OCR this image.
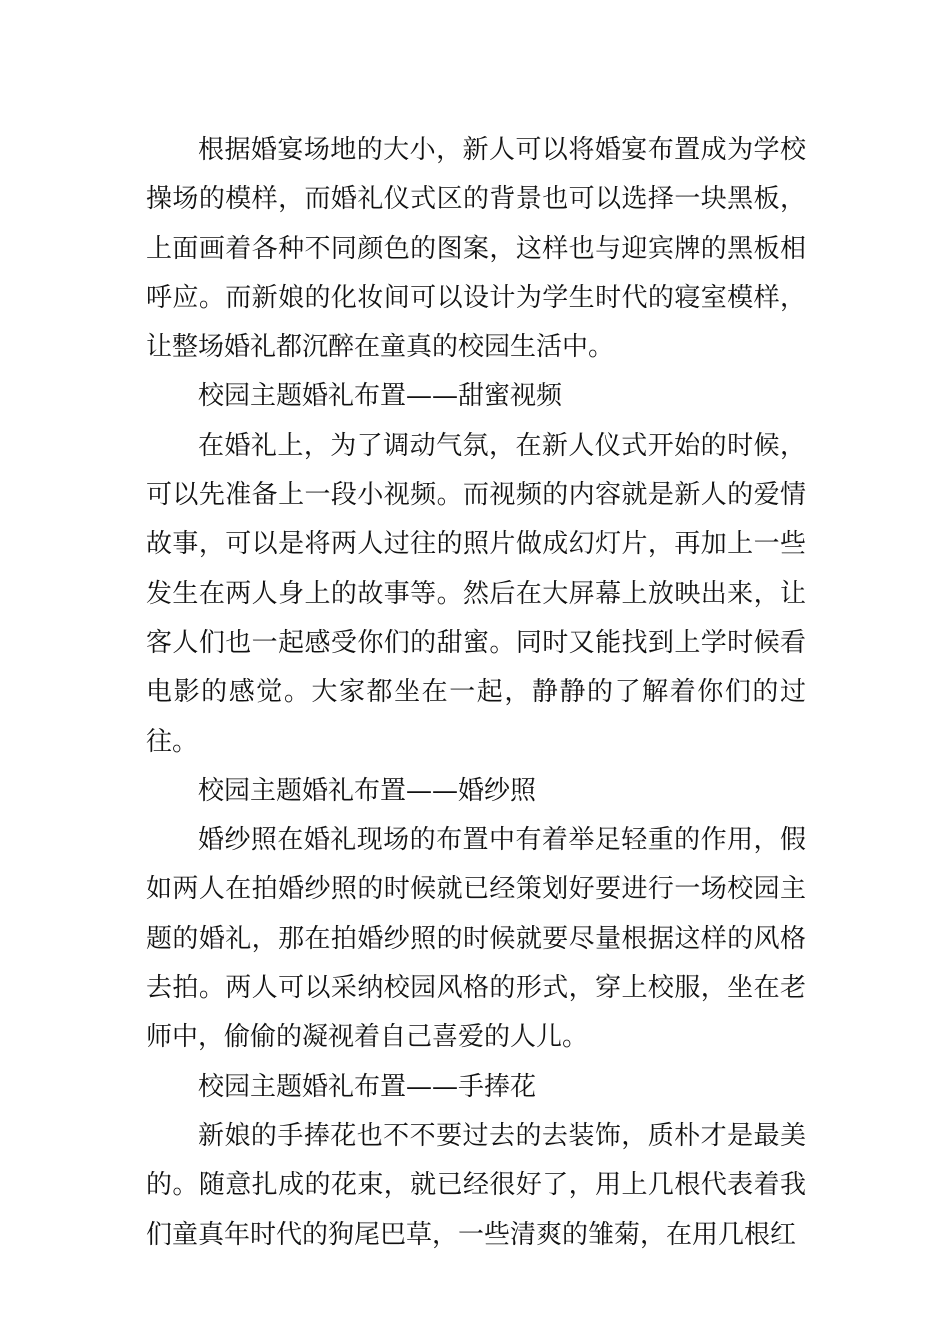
根据婚宴场地的大小，新人可以将婚宴布置成为学校操场的模样，而婚礼仪式区的背景也可以选择一块黑板，上面画着各种不同颜色的图案，这样也与迎宾牌的黑板相呼应。而新娘的化妆间可以设计为学生时代的寝室模样，让整场婚礼都沉醉在童真的校园生活中。

校园主题婚礼布置——甜蜜视频

在婚礼上，为了调动气氛，在新人仪式开始的时候，可以先准备上一段小视频。而视频的内容就是新人的爱情故事，可以是将两人过往的照片做成幻灯片，再加上一些发生在两人身上的故事等。然后在大屏幕上放映出来，让客人们也一起感受你们的甜蜜。同时又能找到上学时候看电影的感觉。大家都坐在一起，静静的了解着你们的过往。

校园主题婚礼布置——婚纱照

婚纱照在婚礼现场的布置中有着举足轻重的作用，假如两人在拍婚纱照的时候就已经策划好要进行一场校园主题的婚礼，那在拍婚纱照的时候就要尽量根据这样的风格去拍。两人可以采纳校园风格的形式，穿上校服，坐在老师中，偷偷的凝视着自己喜爱的人儿。

校园主题婚礼布置——手捧花

新娘的手捧花也不不要过去的去装饰，质朴才是最美的。随意扎成的花束，就已经很好了，用上几根代表着我们童真年时代的狗尾巴草，一些清爽的雏菊，在用几根红
